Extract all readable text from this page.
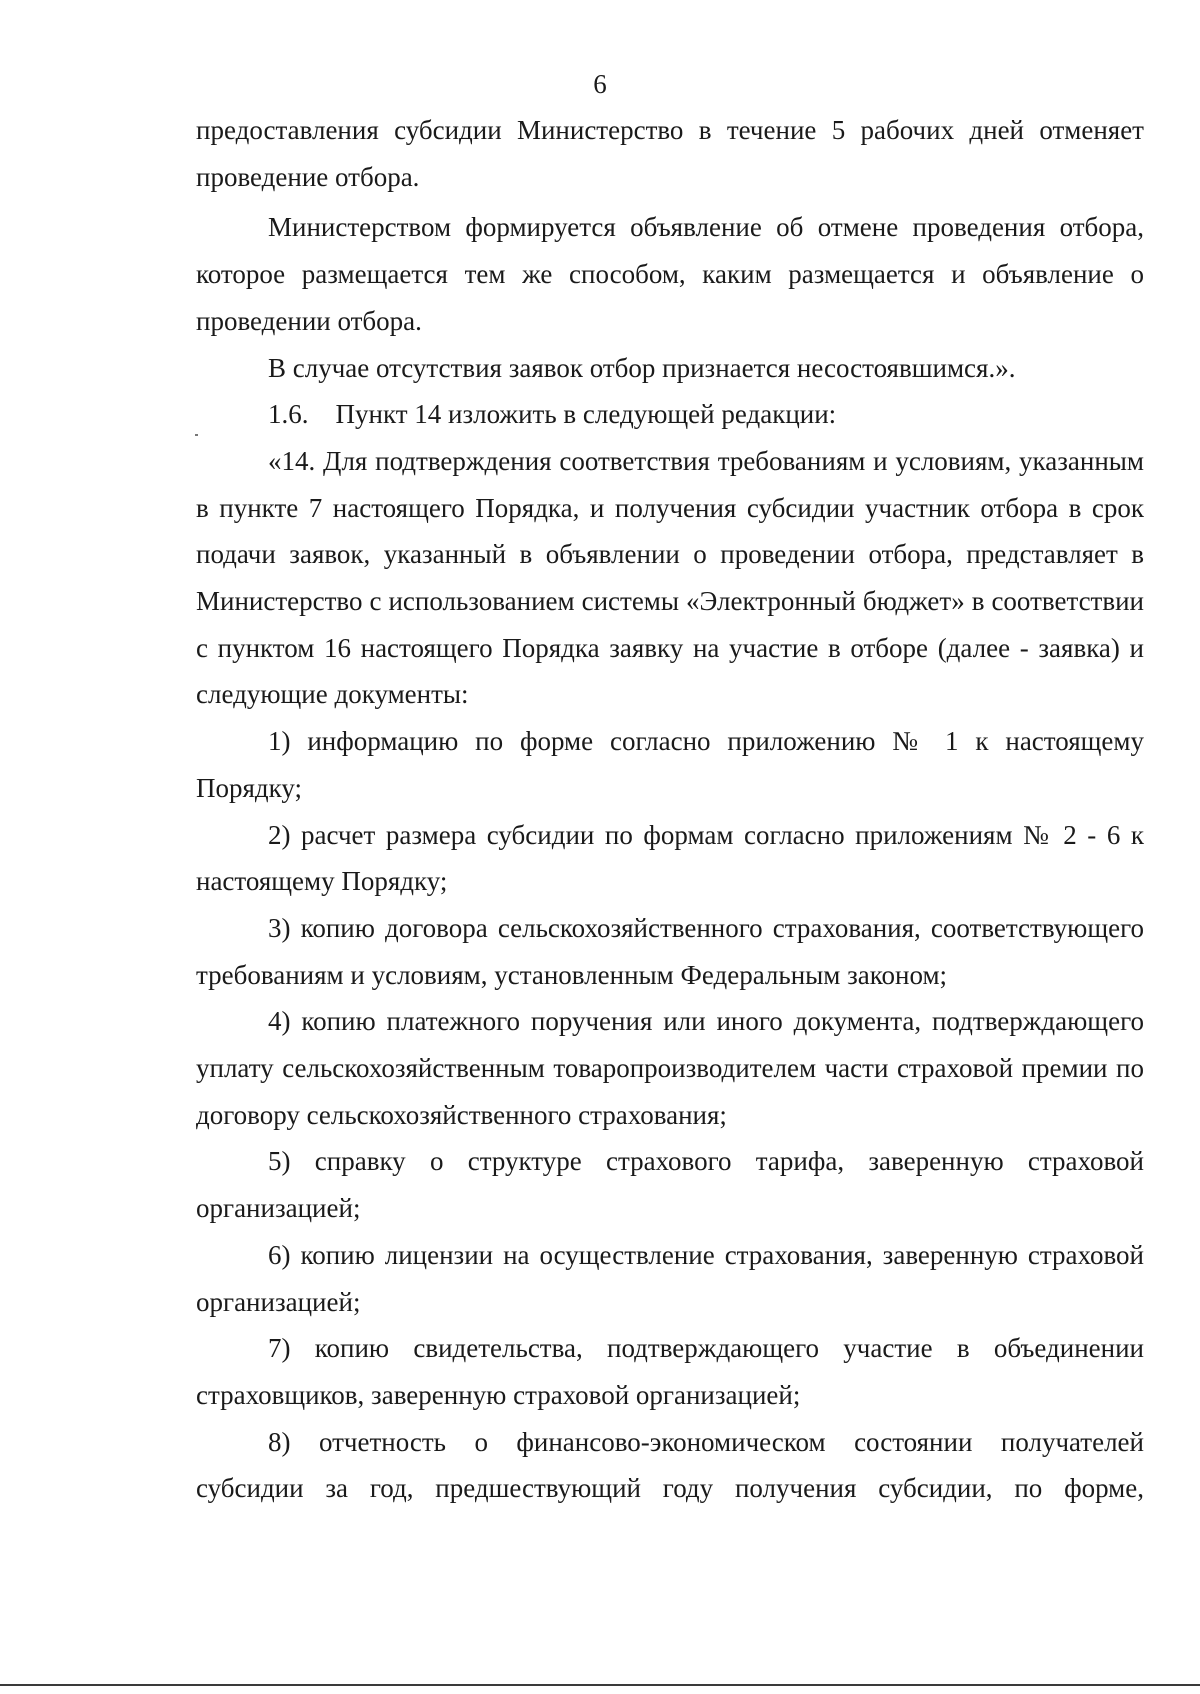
6

предоставления субсидии Министерство в течение 5 рабочих дней отменяет проведение отбора.

Министерством формируется объявление об отмене проведения отбора, которое размещается тем же способом, каким размещается и объявление о проведении отбора.

В случае отсутствия заявок отбор признается несостоявшимся.».

1.6.    Пункт 14 изложить в следующей редакции:

«14. Для подтверждения соответствия требованиям и условиям, указанным в пункте 7 настоящего Порядка, и получения субсидии участник отбора в срок подачи заявок, указанный в объявлении о проведении отбора, представляет в Министерство с использованием системы «Электронный бюджет» в соответствии с пунктом 16 настоящего Порядка заявку на участие в отборе (далее - заявка) и следующие документы:

1) информацию по форме согласно приложению № 1 к настоящему Порядку;

2) расчет размера субсидии по формам согласно приложениям № 2 - 6 к настоящему Порядку;

3) копию договора сельскохозяйственного страхования, соответствующего требованиям и условиям, установленным Федеральным законом;

4) копию платежного поручения или иного документа, подтверждающего уплату сельскохозяйственным товаропроизводителем части страховой премии по договору сельскохозяйственного страхования;

5) справку о структуре страхового тарифа, заверенную страховой организацией;

6) копию лицензии на осуществление страхования, заверенную страховой организацией;

7) копию свидетельства, подтверждающего участие в объединении страховщиков, заверенную страховой организацией;

8) отчетность о финансово-экономическом состоянии получателей субсидии за год, предшествующий году получения субсидии, по форме,
